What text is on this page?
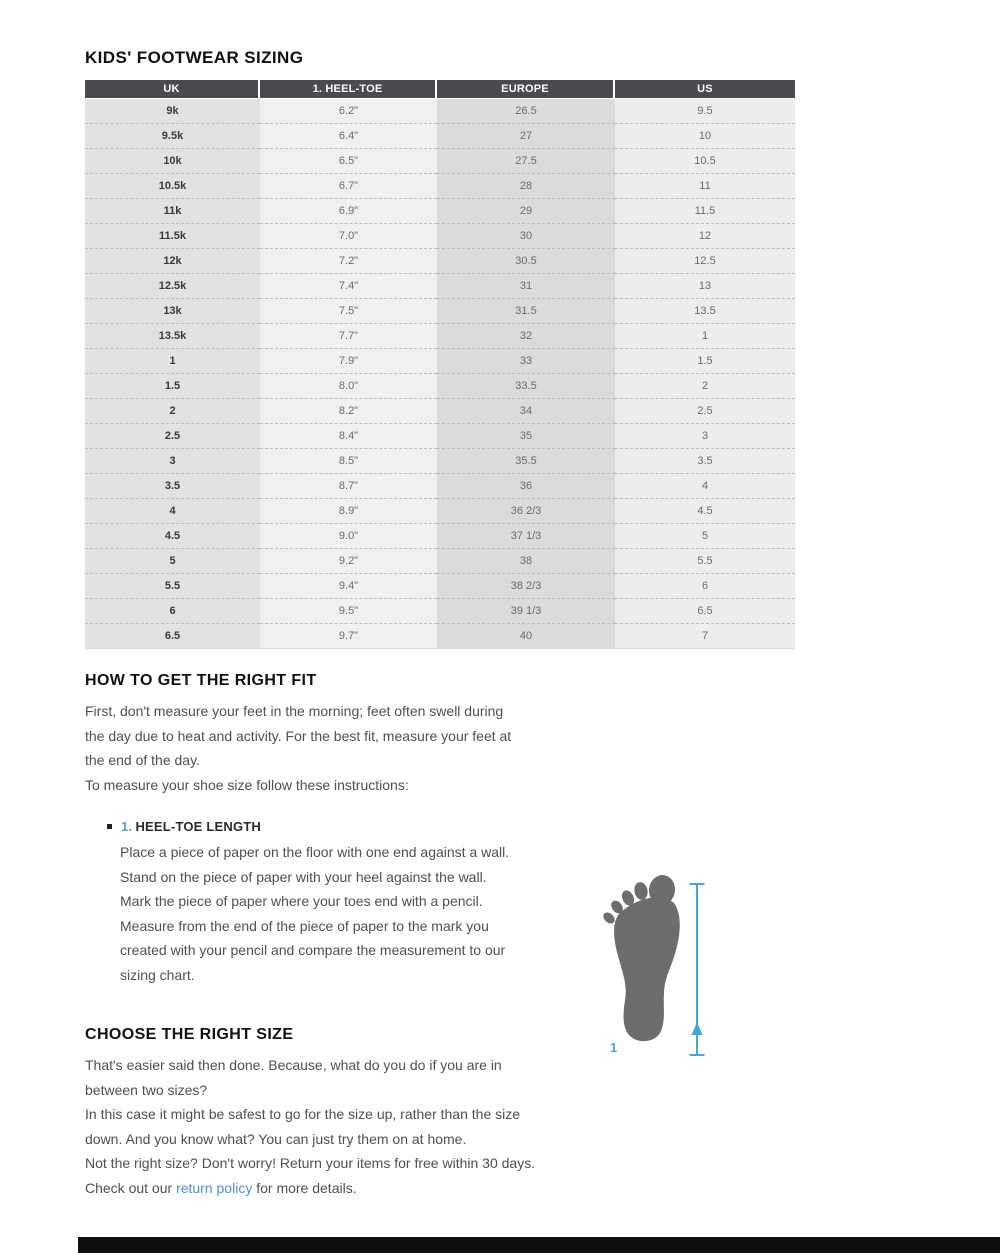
KIDS' FOOTWEAR SIZING
UK	1. HEEL-TOE	EUROPE	US
9k	6.2"	26.5	9.5
9.5k	6.4"	27	10
10k	6.5"	27.5	10.5
10.5k	6.7"	28	11
11k	6.9"	29	11.5
11.5k	7.0"	30	12
12k	7.2"	30.5	12.5
12.5k	7.4"	31	13
13k	7.5"	31.5	13.5
13.5k	7.7"	32	1
1	7.9"	33	1.5
1.5	8.0"	33.5	2
2	8.2"	34	2.5
2.5	8.4"	35	3
3	8.5"	35.5	3.5
3.5	8.7"	36	4
4	8.9"	36 2/3	4.5
4.5	9.0"	37 1/3	5
5	9.2"	38	5.5
5.5	9.4"	38 2/3	6
6	9.5"	39 1/3	6.5
6.5	9.7"	40	7
HOW TO GET THE RIGHT FIT

First, don't measure your feet in the morning; feet often swell during the day due to heat and activity. For the best fit, measure your feet at the end of the day.

To measure your shoe size follow these instructions:

1. HEEL-TOE LENGTH

Place a piece of paper on the floor with one end against a wall. Stand on the piece of paper with your heel against the wall. Mark the piece of paper where your toes end with a pencil. Measure from the end of the piece of paper to the mark you created with your pencil and compare the measurement to our sizing chart.

1
CHOOSE THE RIGHT SIZE

That's easier said then done. Because, what do you do if you are in between two sizes?

In this case it might be safest to go for the size up, rather than the size down. And you know what? You can just try them on at home.

Not the right size? Don't worry! Return your items for free within 30 days. Check out our return policy for more details.
